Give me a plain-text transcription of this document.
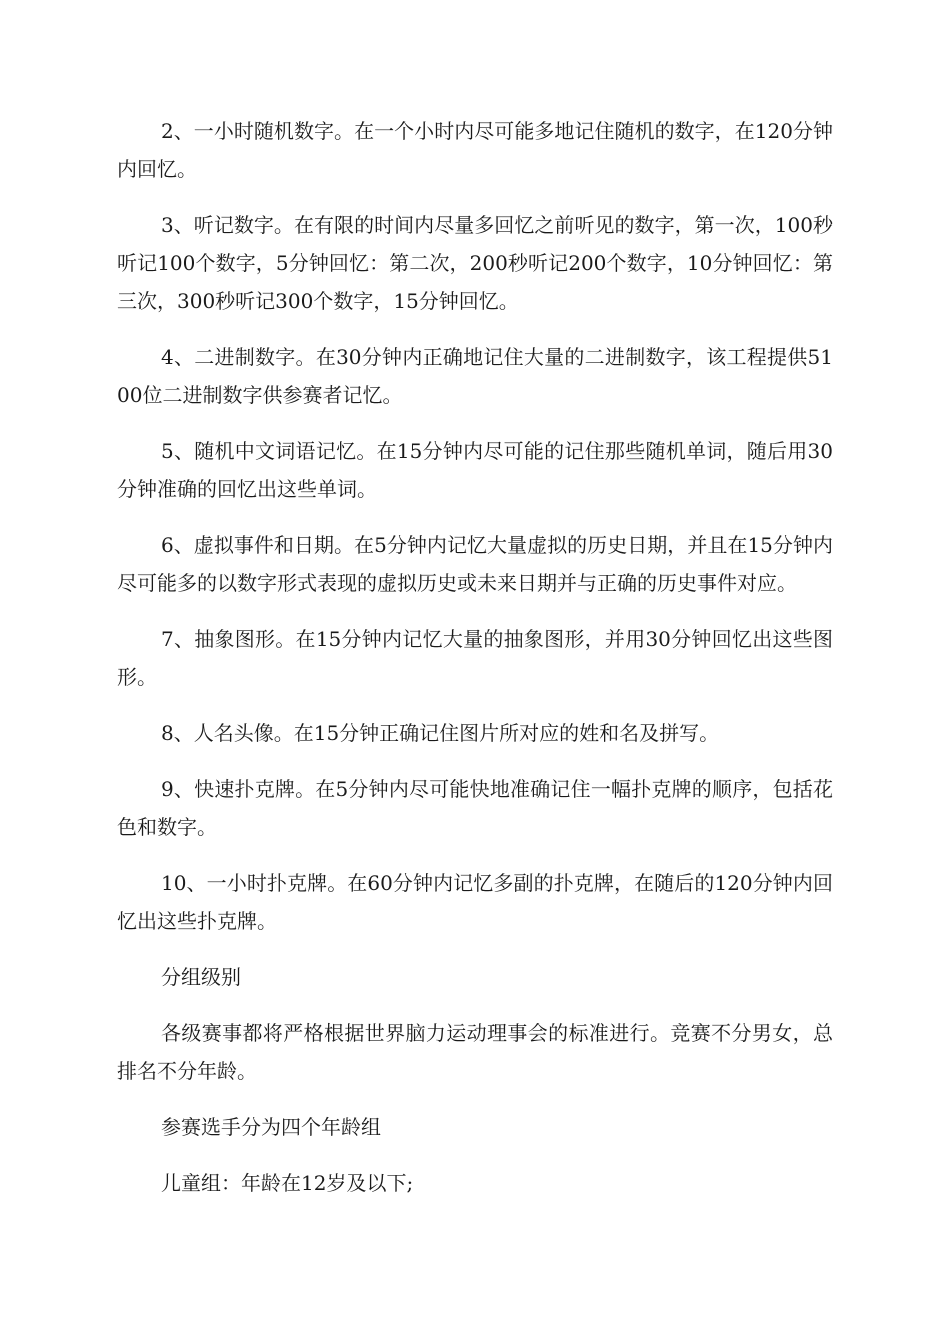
2、一小时随机数字。在一个小时内尽可能多地记住随机的数字，在120分钟内回忆。

3、听记数字。在有限的时间内尽量多回忆之前听见的数字，第一次，100秒听记100个数字，5分钟回忆：第二次，200秒听记200个数字，10分钟回忆：第三次，300秒听记300个数字，15分钟回忆。

4、二进制数字。在30分钟内正确地记住大量的二进制数字，该工程提供5100位二进制数字供参赛者记忆。

5、随机中文词语记忆。在15分钟内尽可能的记住那些随机单词，随后用30分钟准确的回忆出这些单词。

6、虚拟事件和日期。在5分钟内记忆大量虚拟的历史日期，并且在15分钟内尽可能多的以数字形式表现的虚拟历史或未来日期并与正确的历史事件对应。

7、抽象图形。在15分钟内记忆大量的抽象图形，并用30分钟回忆出这些图形。

8、人名头像。在15分钟正确记住图片所对应的姓和名及拼写。

9、快速扑克牌。在5分钟内尽可能快地准确记住一幅扑克牌的顺序，包括花色和数字。

10、一小时扑克牌。在60分钟内记忆多副的扑克牌，在随后的120分钟内回忆出这些扑克牌。

分组级别

各级赛事都将严格根据世界脑力运动理事会的标准进行。竞赛不分男女，总排名不分年龄。

参赛选手分为四个年龄组

儿童组：年龄在12岁及以下;
